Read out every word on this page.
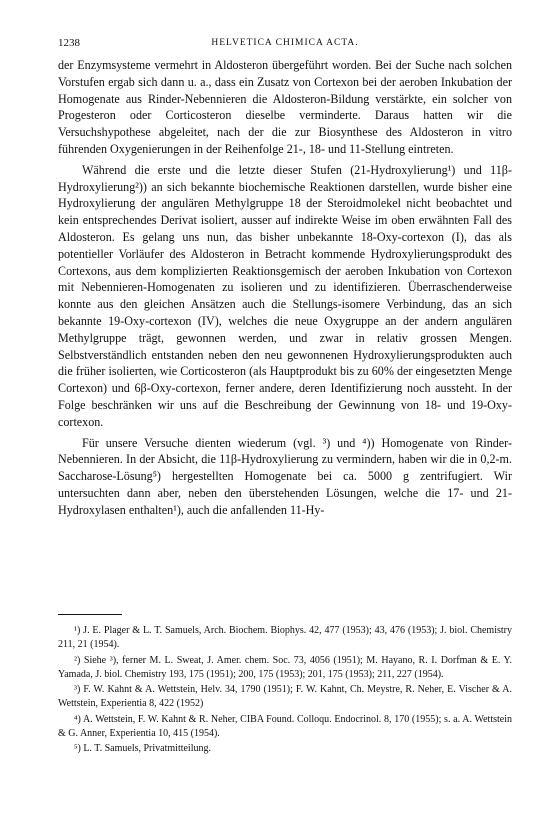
1238	HELVETICA CHIMICA ACTA.

der Enzymsysteme vermehrt in Aldosteron übergeführt worden. Bei der Suche nach solchen Vorstufen ergab sich dann u. a., dass ein Zusatz von Cortexon bei der aeroben Inkubation der Homogenate aus Rinder-Nebennieren die Aldosteron-Bildung verstärkte, ein solcher von Progesteron oder Corticosteron dieselbe verminderte. Daraus hatten wir die Versuchshypothese abgeleitet, nach der die zur Biosynthese des Aldosteron in vitro führenden Oxygenierungen in der Reihenfolge 21-, 18- und 11-Stellung eintreten.

Während die erste und die letzte dieser Stufen (21-Hydroxylierung¹) und 11β-Hydroxylierung²)) an sich bekannte biochemische Reaktionen darstellen, wurde bisher eine Hydroxylierung der angulären Methylgruppe 18 der Steroidmolekel nicht beobachtet und kein entsprechendes Derivat isoliert, ausser auf indirekte Weise im oben erwähnten Fall des Aldosteron. Es gelang uns nun, das bisher unbekannte 18-Oxy-cortexon (I), das als potentieller Vorläufer des Aldosteron in Betracht kommende Hydroxylierungsprodukt des Cortexons, aus dem komplizierten Reaktionsgemisch der aeroben Inkubation von Cortexon mit Nebennieren-Homogenaten zu isolieren und zu identifizieren. Überraschenderweise konnte aus den gleichen Ansätzen auch die Stellungs-isomere Verbindung, das an sich bekannte 19-Oxy-cortexon (IV), welches die neue Oxygruppe an der andern angulären Methylgruppe trägt, gewonnen werden, und zwar in relativ grossen Mengen. Selbstverständlich entstanden neben den neu gewonnenen Hydroxylierungsprodukten auch die früher isolierten, wie Corticosteron (als Hauptprodukt bis zu 60% der eingesetzten Menge Cortexon) und 6β-Oxy-cortexon, ferner andere, deren Identifizierung noch aussteht. In der Folge beschränken wir uns auf die Beschreibung der Gewinnung von 18- und 19-Oxy-cortexon.

Für unsere Versuche dienten wiederum (vgl. ³) und ⁴)) Homogenate von Rinder-Nebennieren. In der Absicht, die 11β-Hydroxylierung zu vermindern, haben wir die in 0,2-m. Saccharose-Lösung⁵) hergestellten Homogenate bei ca. 5000 g zentrifugiert. Wir untersuchten dann aber, neben den überstehenden Lösungen, welche die 17- und 21-Hydroxylasen enthalten¹), auch die anfallenden 11-Hy-

¹) J. E. Plager & L. T. Samuels, Arch. Biochem. Biophys. 42, 477 (1953); 43, 476 (1953); J. biol. Chemistry 211, 21 (1954).

²) Siehe ³), ferner M. L. Sweat, J. Amer. chem. Soc. 73, 4056 (1951); M. Hayano, R. I. Dorfman & E. Y. Yamada, J. biol. Chemistry 193, 175 (1951); 200, 175 (1953); 201, 175 (1953); 211, 227 (1954).

³) F. W. Kahnt & A. Wettstein, Helv. 34, 1790 (1951); F. W. Kahnt, Ch. Meystre, R. Neher, E. Vischer & A. Wettstein, Experientia 8, 422 (1952)

⁴) A. Wettstein, F. W. Kahnt & R. Neher, CIBA Found. Colloqu. Endocrinol. 8, 170 (1955); s. a. A. Wettstein & G. Anner, Experientia 10, 415 (1954).

⁵) L. T. Samuels, Privatmitteilung.
